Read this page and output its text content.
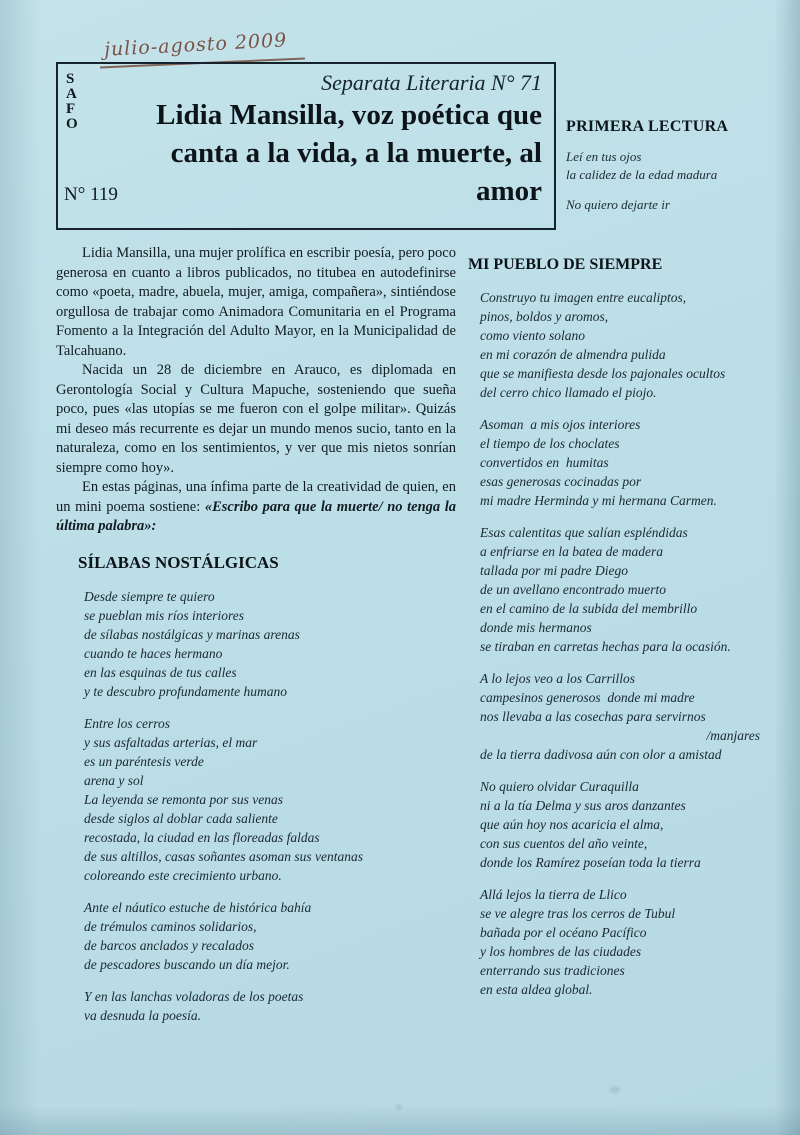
julio-agosto 2009
S
A
F
O
N° 119
Separata Literaria N° 71
Lidia Mansilla, voz poética que canta a la vida, a la muerte, al amor
PRIMERA LECTURA
Leí en tus ojos
la calidez de la edad madura
No quiero dejarte ir

Lidia Mansilla, una mujer prolífica en escribir poesía, pero poco generosa en cuanto a libros publicados, no titubea en autodefinirse como «poeta, madre, abuela, mujer, amiga, compañera», sintiéndose orgullosa de trabajar como Animadora Comunitaria en el Programa Fomento a la Integración del Adulto Mayor, en la Municipalidad de Talcahuano.

Nacida un 28 de diciembre en Arauco, es diplomada en Gerontología Social y Cultura Mapuche, sosteniendo que sueña poco, pues «las utopías se me fueron con el golpe militar». Quizás mi deseo más recurrente es dejar un mundo menos sucio, tanto en la naturaleza, como en los sentimientos, y ver que mis nietos sonrían siempre como hoy».

En estas páginas, una ínfima parte de la creatividad de quien, en un mini poema sostiene: «Escribo para que la muerte/ no tenga la última palabra»:

SÍLABAS NOSTÁLGICAS
Desde siempre te quiero
se pueblan mis ríos interiores
de sílabas nostálgicas y marinas arenas
cuando te haces hermano
en las esquinas de tus calles
y te descubro profundamente humano
Entre los cerros
y sus asfaltadas arterias, el mar
es un paréntesis verde
arena y sol
La leyenda se remonta por sus venas
desde siglos al doblar cada saliente
recostada, la ciudad en las floreadas faldas
de sus altillos, casas soñantes asoman sus ventanas
coloreando este crecimiento urbano.
Ante el náutico estuche de histórica bahía
de trémulos caminos solidarios,
de barcos anclados y recalados
de pescadores buscando un día mejor.
Y en las lanchas voladoras de los poetas
va desnuda la poesía.
MI PUEBLO DE SIEMPRE
Construyo tu imagen entre eucaliptos,
pinos, boldos y aromos,
como viento solano
en mi corazón de almendra pulida
que se manifiesta desde los pajonales ocultos
del cerro chico llamado el piojo.
Asoman  a mis ojos interiores
el tiempo de los choclates
convertidos en  humitas
esas generosas cocinadas por
mi madre Herminda y mi hermana Carmen.
Esas calentitas que salían espléndidas
a enfriarse en la batea de madera
tallada por mi padre Diego
de un avellano encontrado muerto
en el camino de la subida del membrillo
donde mis hermanos
se tiraban en carretas hechas para la ocasión.
A lo lejos veo a los Carrillos
campesinos generosos  donde mi madre
nos llevaba a las cosechas para servirnos
/manjares
de la tierra dadivosa aún con olor a amistad
No quiero olvidar Curaquilla
ni a la tía Delma y sus aros danzantes
que aún hoy nos acaricia el alma,
con sus cuentos del año veinte,
donde los Ramírez poseían toda la tierra
Allá lejos la tierra de Llico
se ve alegre tras los cerros de Tubul
bañada por el océano Pacífico
y los hombres de las ciudades
enterrando sus tradiciones
en esta aldea global.
